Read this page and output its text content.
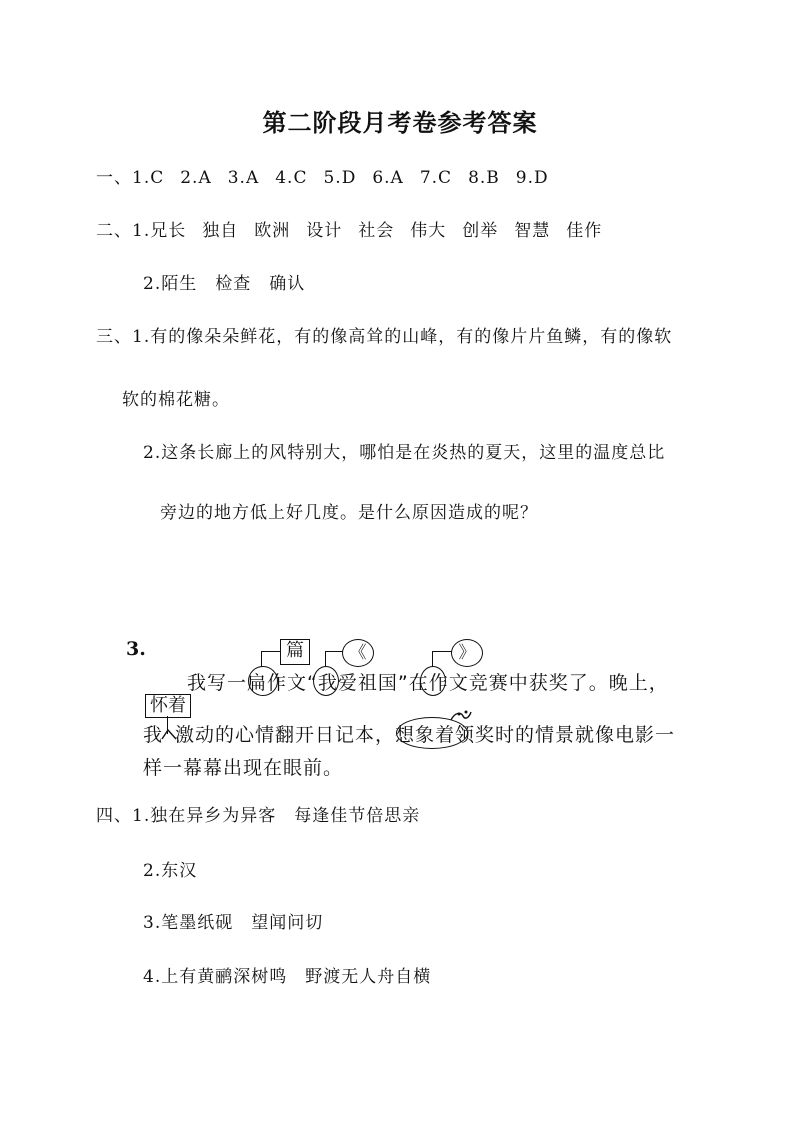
第二阶段月考卷参考答案
一、1.C 2.A 3.A 4.C 5.D 6.A 7.C 8.B 9.D
二、1.兄长 独自 欧洲 设计 社会 伟大 创举 智慧 佳作
2.陌生　检查　确认
三、1.有的像朵朵鲜花，有的像高耸的山峰，有的像片片鱼鳞，有的像软
软的棉花糖。
2.这条长廊上的风特别大，哪怕是在炎热的夏天，这里的温度总比
旁边的地方低上好几度。是什么原因造成的呢？
3.
我写一扁作文“我爱祖国”在作文竞赛中获奖了。晚上，
我 激动的心情翻开日记本，想象着领奖时的情景就像电影一
样一幕幕出现在眼前。
篇	《	》
怀着
四、1.独在异乡为异客　每逢佳节倍思亲
2.东汉
3.笔墨纸砚　望闻问切
4.上有黄鹂深树鸣　野渡无人舟自横
